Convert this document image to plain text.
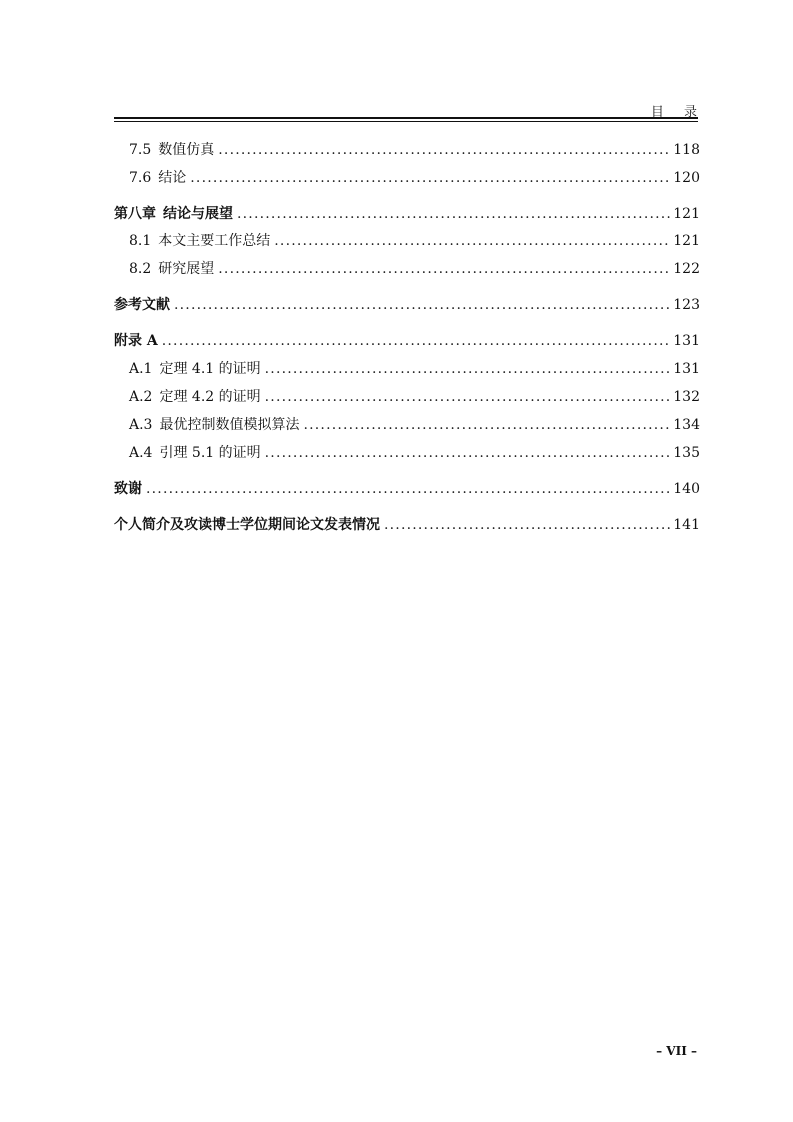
目 录
7.5 数值仿真 .....	118
7.6 结论 .....	120
第八章 结论与展望 .....	121
8.1 本文主要工作总结 .....	121
8.2 研究展望 .....	122
参考文献 .....	123
附录 A .....	131
A.1 定理 4.1 的证明 .....	131
A.2 定理 4.2 的证明 .....	132
A.3 最优控制数值模拟算法 .....	134
A.4 引理 5.1 的证明 .....	135
致谢 .....	140
个人简介及攻读博士学位期间论文发表情况 .....	141
– VII –
